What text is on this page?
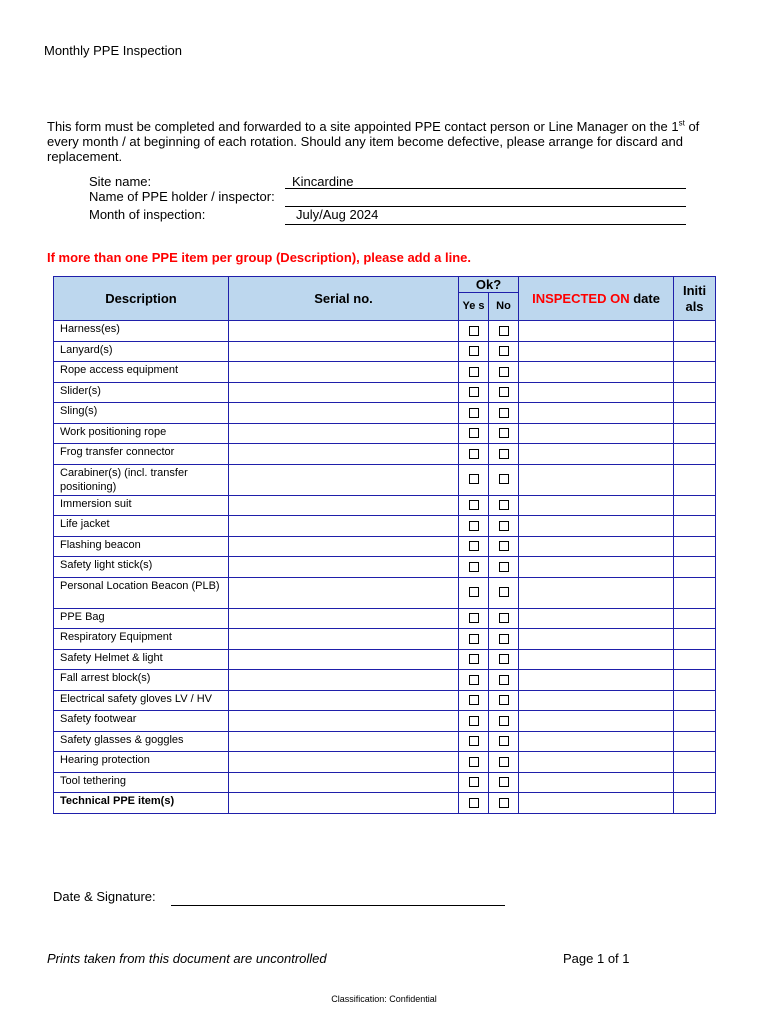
Monthly PPE Inspection
This form must be completed and forwarded to a site appointed PPE contact person or Line Manager on the 1st of every month / at beginning of each rotation. Should any item become defective, please arrange for discard and replacement.
Site name:	Kincardine
Name of PPE holder / inspector:
Month of inspection:	July/Aug 2024
If more than one PPE item per group (Description), please add a line.
Description	Serial no.	Ok?		INSPECTED ON date	Initi als
		Ye s	No		
Harness(es)					
Lanyard(s)					
Rope access equipment					
Slider(s)					
Sling(s)					
Work positioning rope					
Frog transfer connector					
Carabiner(s) (incl. transfer positioning)					
Immersion suit					
Life jacket					
Flashing beacon					
Safety light stick(s)					
Personal Location Beacon (PLB)					
PPE Bag					
Respiratory Equipment					
Safety Helmet & light					
Fall arrest block(s)					
Electrical safety gloves LV / HV					
Safety footwear					
Safety glasses & goggles					
Hearing protection					
Tool tethering					
Technical PPE item(s)					
Date & Signature:
Prints taken from this document are uncontrolled	Page 1 of 1
Classification: Confidential
